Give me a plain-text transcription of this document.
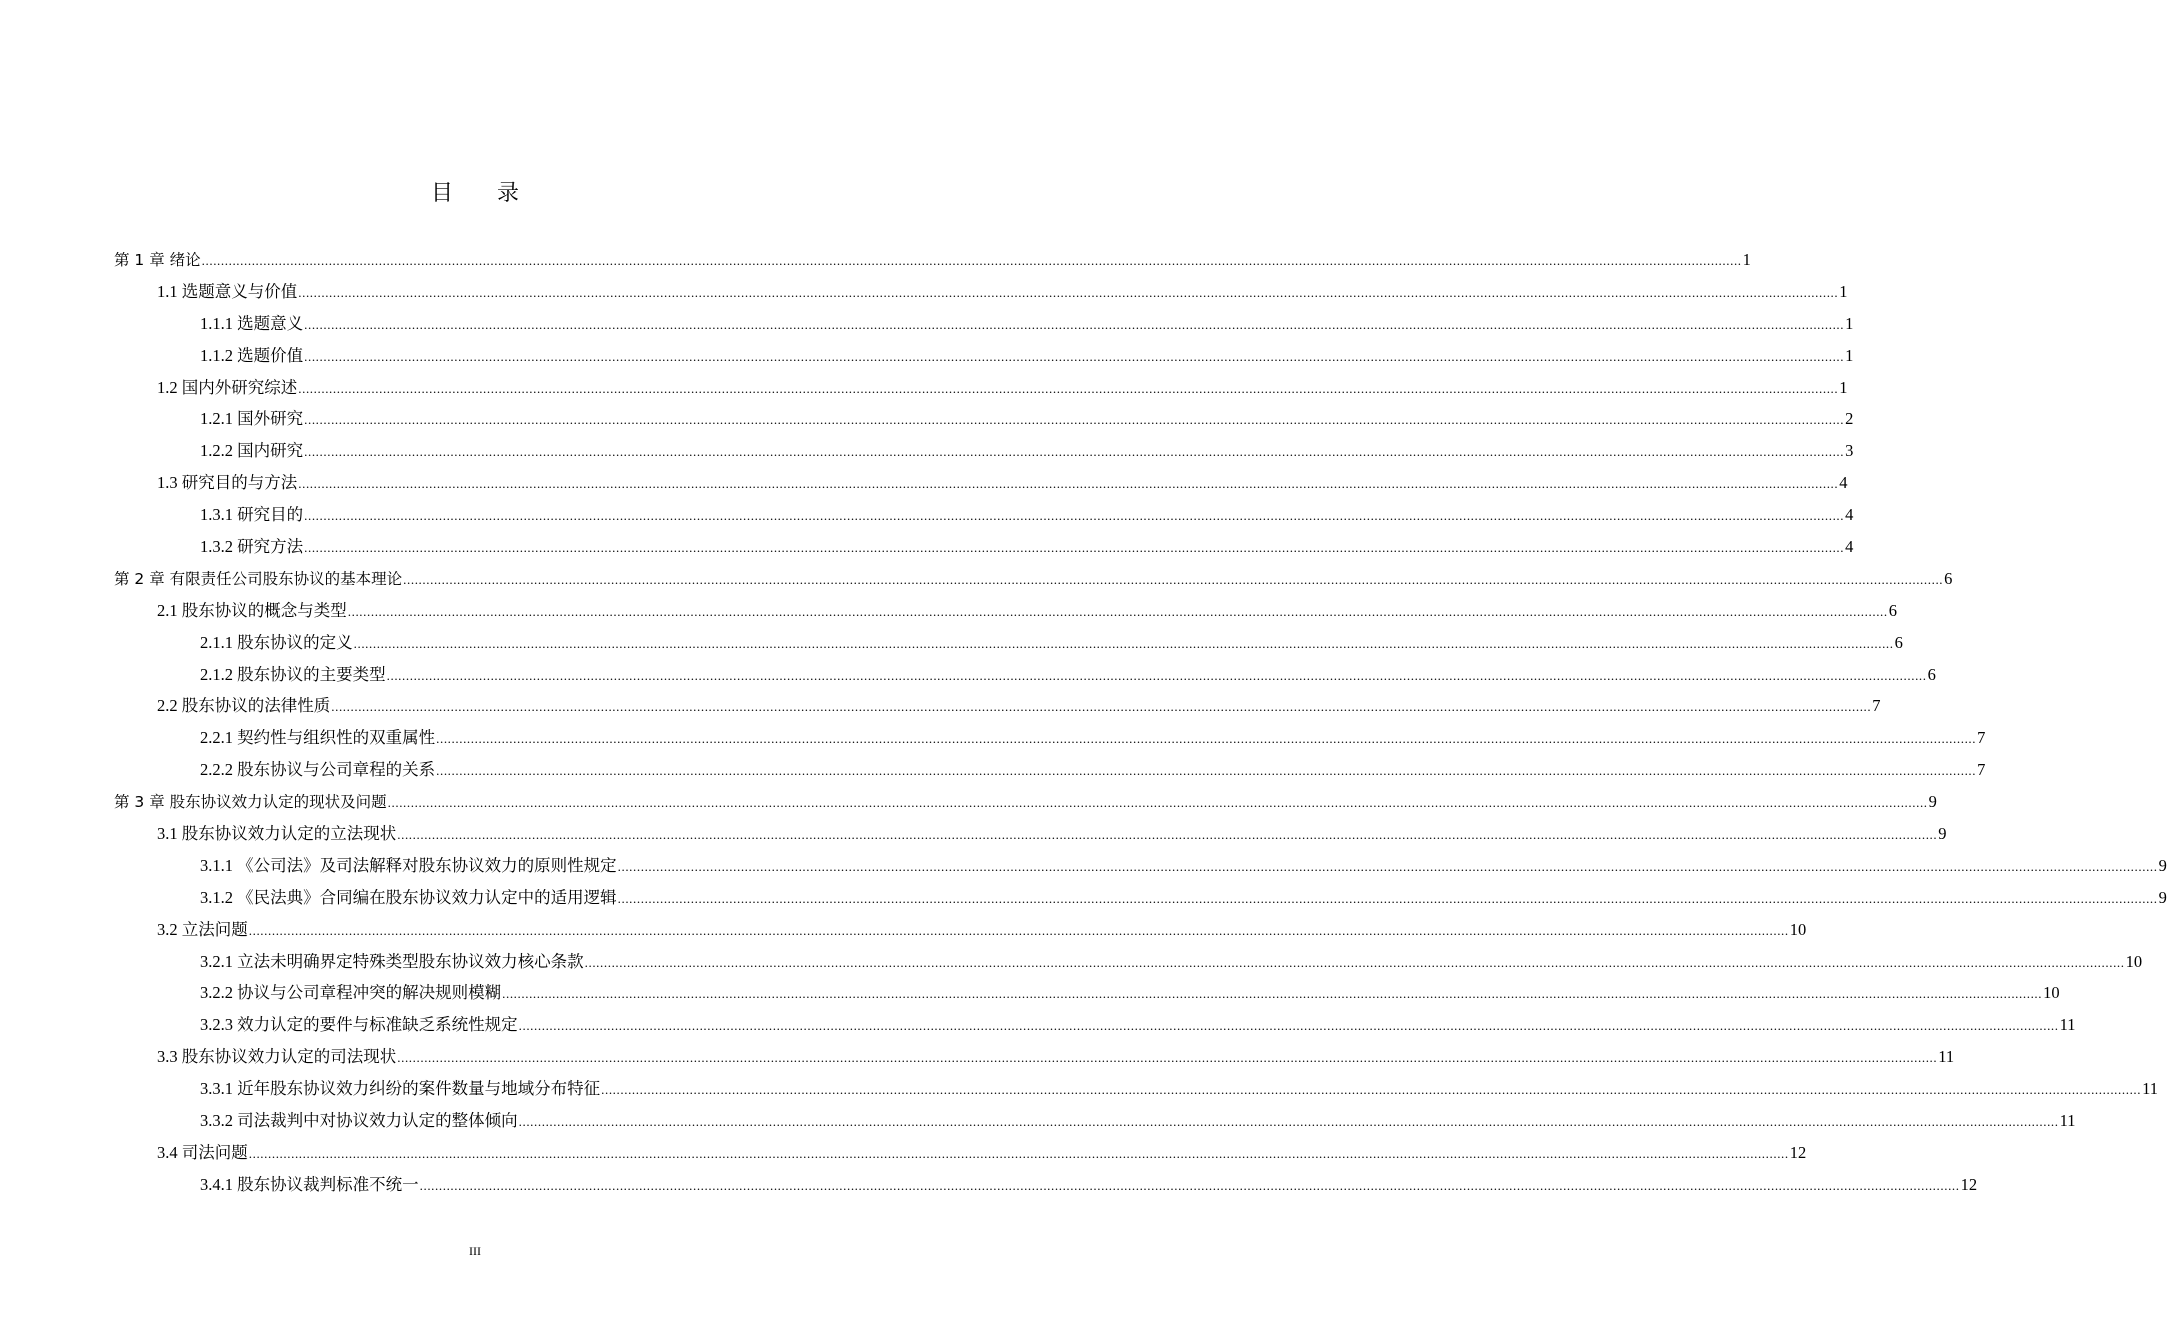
目录
第 1 章 绪论 ................................................................................................................................................................................................................................................................................................................................................................................................................ 1
1.1 选题意义与价值 ................................................................................................................................................................................................................................................................................................................................................................................................................ 1
1.1.1 选题意义 ................................................................................................................................................................................................................................................................................................................................................................................................................ 1
1.1.2 选题价值 ................................................................................................................................................................................................................................................................................................................................................................................................................ 1
1.2 国内外研究综述 ................................................................................................................................................................................................................................................................................................................................................................................................................ 1
1.2.1 国外研究 ................................................................................................................................................................................................................................................................................................................................................................................................................ 2
1.2.2 国内研究 ................................................................................................................................................................................................................................................................................................................................................................................................................ 3
1.3 研究目的与方法 ................................................................................................................................................................................................................................................................................................................................................................................................................ 4
1.3.1 研究目的 ................................................................................................................................................................................................................................................................................................................................................................................................................ 4
1.3.2 研究方法 ................................................................................................................................................................................................................................................................................................................................................................................................................ 4
第 2 章 有限责任公司股东协议的基本理论 ................................................................................................................................................................................................................................................................................................................................................................................................................ 6
2.1 股东协议的概念与类型 ................................................................................................................................................................................................................................................................................................................................................................................................................ 6
2.1.1 股东协议的定义 ................................................................................................................................................................................................................................................................................................................................................................................................................ 6
2.1.2 股东协议的主要类型 ................................................................................................................................................................................................................................................................................................................................................................................................................ 6
2.2 股东协议的法律性质 ................................................................................................................................................................................................................................................................................................................................................................................................................ 7
2.2.1 契约性与组织性的双重属性 ................................................................................................................................................................................................................................................................................................................................................................................................................ 7
2.2.2 股东协议与公司章程的关系 ................................................................................................................................................................................................................................................................................................................................................................................................................ 7
第 3 章 股东协议效力认定的现状及问题 ................................................................................................................................................................................................................................................................................................................................................................................................................ 9
3.1 股东协议效力认定的立法现状 ................................................................................................................................................................................................................................................................................................................................................................................................................ 9
3.1.1 《公司法》及司法解释对股东协议效力的原则性规定 ................................................................................................................................................................................................................................................................................................................................................................................................................ 9
3.1.2 《民法典》合同编在股东协议效力认定中的适用逻辑 ................................................................................................................................................................................................................................................................................................................................................................................................................ 9
3.2 立法问题 ................................................................................................................................................................................................................................................................................................................................................................................................................ 10
3.2.1 立法未明确界定特殊类型股东协议效力核心条款 ................................................................................................................................................................................................................................................................................................................................................................................................................ 10
3.2.2 协议与公司章程冲突的解决规则模糊 ................................................................................................................................................................................................................................................................................................................................................................................................................ 10
3.2.3 效力认定的要件与标准缺乏系统性规定 ................................................................................................................................................................................................................................................................................................................................................................................................................ 11
3.3 股东协议效力认定的司法现状 ................................................................................................................................................................................................................................................................................................................................................................................................................ 11
3.3.1 近年股东协议效力纠纷的案件数量与地域分布特征 ................................................................................................................................................................................................................................................................................................................................................................................................................ 11
3.3.2 司法裁判中对协议效力认定的整体倾向 ................................................................................................................................................................................................................................................................................................................................................................................................................ 11
3.4 司法问题 ................................................................................................................................................................................................................................................................................................................................................................................................................ 12
3.4.1 股东协议裁判标准不统一 ................................................................................................................................................................................................................................................................................................................................................................................................................ 12
III
